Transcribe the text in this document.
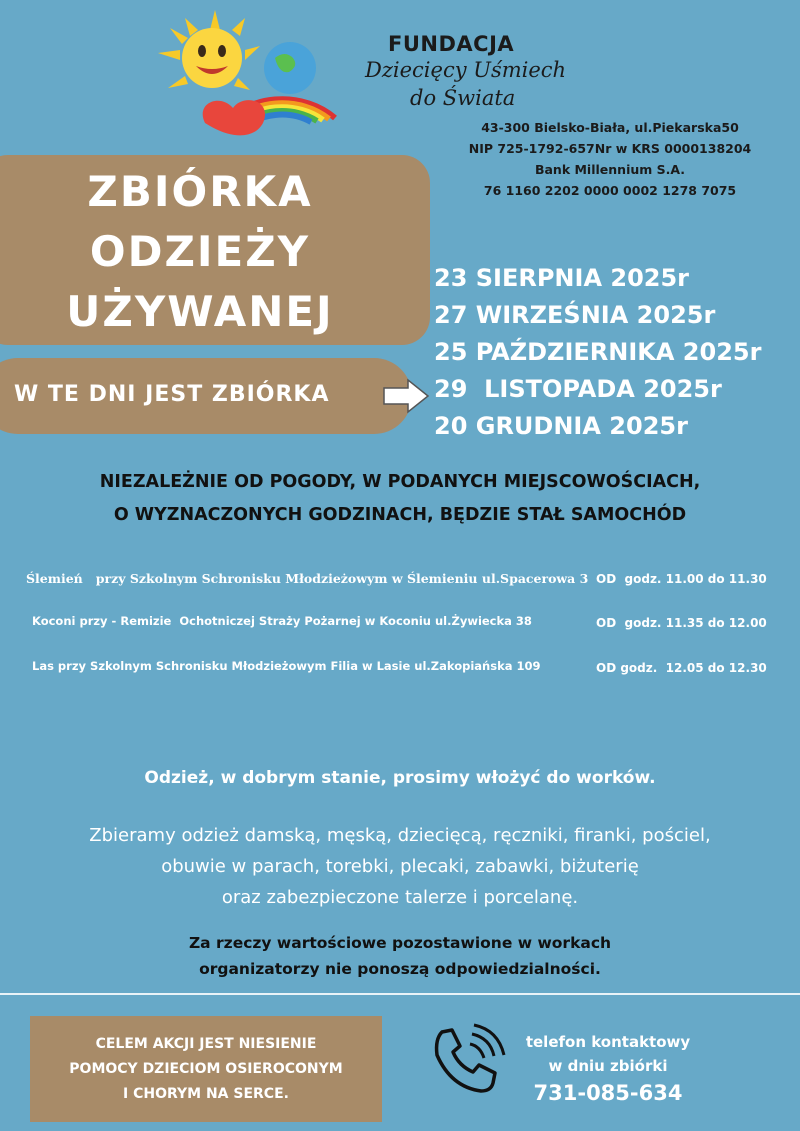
FUNDACJA
Dziecięcy Uśmiech
do Świata
43-300 Bielsko-Biała, ul.Piekarska50
NIP 725-1792-657Nr w KRS 0000138204
Bank Millennium S.A.
76 1160 2202 0000 0002 1278 7075
ZBIÓRKA
ODZIEŻY
UŻYWANEJ
W TE DNI JEST ZBIÓRKA
23 SIERPNIA 2025r
27 WIRZEŚNIA 2025r
25 PAŹDZIERNIKA 2025r
29  LISTOPADA 2025r
20 GRUDNIA 2025r
NIEZALEŻNIE OD POGODY, W PODANYCH MIEJSCOWOŚCIACH,
O WYZNACZONYCH GODZINACH, BĘDZIE STAŁ SAMOCHÓD
Ślemień   przy Szkolnym Schronisku Młodzieżowym w Ślemieniu ul.Spacerowa 3 OD  godz. 11.00 do 11.30
Koconi przy - Remizie  Ochotniczej Straży Pożarnej w Koconiu ul.Żywiecka 38	OD  godz. 11.35 do 12.00
Las przy Szkolnym Schronisku Młodzieżowym Filia w Lasie ul.Zakopiańska 109	OD godz.  12.05 do 12.30
Odzież, w dobrym stanie, prosimy włożyć do worków.
Zbieramy odzież damską, męską, dziecięcą, ręczniki, firanki, pościel,
obuwie w parach, torebki, plecaki, zabawki, biżuterię
oraz zabezpieczone talerze i porcelanę.
Za rzeczy wartościowe pozostawione w workach
organizatorzy nie ponoszą odpowiedzialności.
CELEM AKCJI JEST NIESIENIE
POMOCY DZIECIOM OSIEROCONYM
I CHORYM NA SERCE.
telefon kontaktowy
w dniu zbiórki
731-085-634
